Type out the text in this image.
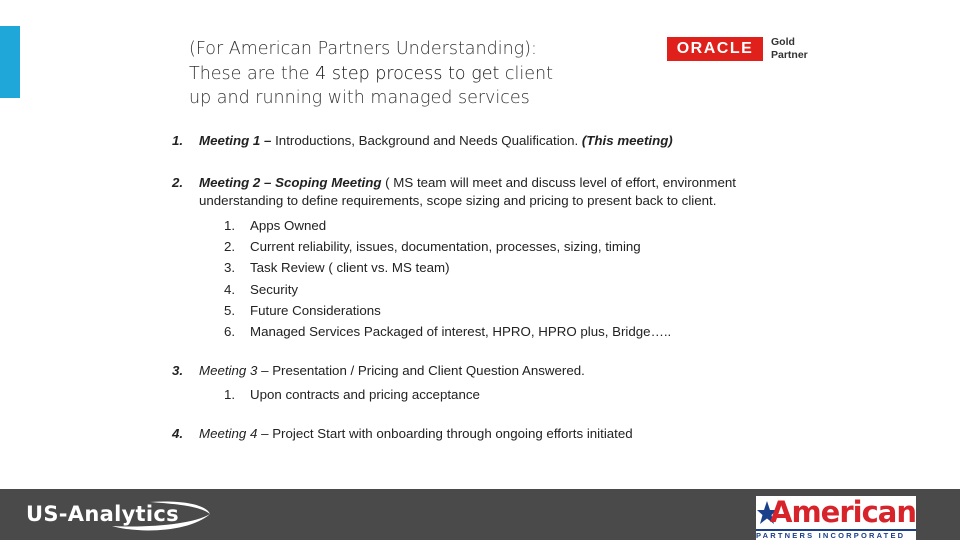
(For American Partners Understanding):
These are the 4 step process to get client
up and running with managed services
ORACLE	Gold
Partner
1. Meeting 1 – Introductions, Background and Needs Qualification. (This meeting)
2. Meeting 2 – Scoping Meeting ( MS team will meet and discuss level of effort, environment
understanding to define requirements, scope sizing and pricing to present back to client.
1. Apps Owned
2. Current reliability, issues, documentation, processes, sizing, timing
3. Task Review ( client vs. MS team)
4. Security
5. Future Considerations
6. Managed Services Packaged of interest, HPRO, HPRO plus, Bridge…..
3. Meeting 3 – Presentation / Pricing and Client Question Answered.
1. Upon contracts and pricing acceptance
4. Meeting 4 – Project Start with onboarding through ongoing efforts initiated
US-Analytics	American
PARTNERS INCORPORATED
